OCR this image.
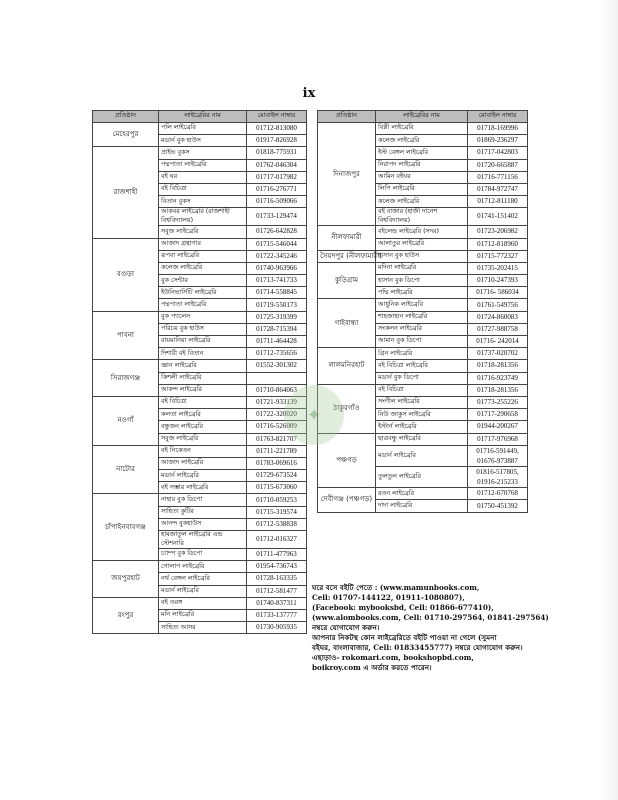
ix
প্রতিষ্ঠান	লাইব্রেরির নাম	মোবাইল নাম্বার
মেহেরপুর	পলি লাইব্রেরি	01712-813080

	মডার্ন বুক হাউস	01917-826928

রাজশাহী	প্রাইভ বুকস	01818-775931

	পদ্মপাতা লাইব্রেরি	01762-046304

	বই ঘর	01717-017982

	বই বিচিত্রা	01716-276771

	বিতান বুকস	01716-509066

	আকবর লাইব্রেরি (রাজশাহী বিশ্ববিদ্যালয়)	01733-129474

	সবুজ লাইব্রেরি	01726-642828

বগুড়া	আজাদ গ্রন্থাগার	01715-546044

	রূপবা লাইব্রেরি	01722-345246

	কলেজ লাইব্রেরি	01740-963966

	বুক সেন্টার	01713-741733

	ইউনিভার্সিটি লাইব্রেরি	01714-558845

	পদ্মপাতা লাইব্রেরি	01719-550173

পাবনা	বুক প্যালেস	01725-319399

	পরিচয় বুক হাউস	01728-715394

	রায়মানিয়া লাইব্রেরি	01711-464428

	দিশারী বই বিতান	01712-735656

সিরাজগঞ্জ	জ্ঞান লাইব্রেরি	01552-301302

	কিশলী লাইব্রেরি	

	আকন্দ লাইব্রেরি	01710-864063

নওগাঁ	বই বিচিত্রা	01721-933139

	কলতা লাইব্রেরি	01722-320020

	বন্ধুজন লাইব্রেরি	01716-526009

	সবুজ লাইব্রেরি	01763-821707

নাটোর	বই নিকেতন	01711-221789

	আজাদ লাইব্রেরি	01783-069616

	মডার্ন লাইব্রেরি	01729-673524

	বই সম্ভার লাইব্রেরি	01715-673060

চাঁপাইনবাবগঞ্জ	নাহার বুক ডিপো	01710-059253

	সাহিত্য কুটির	01715-319574

	আনন্দ বুকহাউস	01712-538838

	হামজাতুল লাইব্রেরি এন্ড স্টেশনারি	01712-016327

	চ্যাম্প বুক ডিপো	01711-477963

জয়পুরহাট	গোলাপ লাইব্রেরি	01954-736743

	নর্থ বেঙ্গল লাইব্রেরি	01728-163335

	মডার্ন লাইব্রেরি	01712-581477

রংপুর	বই তরঙ্গ	01740-837311

	মনি লাইব্রেরি	01733-137777

	সাহিত্য আসর	01730-905935
প্রতিষ্ঠান	লাইব্রেরির নাম	মোবাইল নাম্বার
দিনাজপুর	বিপ্লী লাইব্রেরি	01718-169996

	কলেজ লাইব্রেরি	01869-236297

	ইস্ট বেঙ্গল লাইব্রেরি	01717-042803

	নিরাপদ লাইব্রেরি	01720-665887

	আমিন বইঘর	01716-771156

	লিপি লাইব্রেরি	01784-972747

	কলেজ লাইব্রেরি	01712-811180

	বই বাজার (হাজী দানেশ বিশ্ববিদ্যালয়)	01741-151402

নীলফামারী	বইলেন্ড লাইব্রেরি (সদর)	01723-206982

	আলাতুর লাইব্রেরি	01712-818960

সৈয়দপুর (নীলফামারী)	হাসান বুক হাউস	01715-772327

কুড়িগ্রাম	মদিনা লাইব্রেরি	01735-202415

	হাসান বুক ডিপো	01710-247393

	পদ্মি লাইব্রেরি	01716- 586034

গাইবান্ধা	আধুনিক লাইব্রেরি	01761-549756

	শাহজাহান লাইব্রেরি	01724-860083

	সংকলন লাইব্রেরি	01727-988758

	আমান বুক ডিপো	01716- 242014

লালমনিরহাট	গ্রিন লাইব্রেরি	01737-020702

	বই বিচিত্রা লাইব্রেরি	01718-281356

	মডার্ন বুক ডিপো	01716-923749

ঠাকুরগাঁও	বই বিচিত্রা	01718-281356

	সংগীল লাইব্রেরি	01773-255226

	নিউ জাকুস লাইব্রেরি	01717-290658

	ইস্টার্ন লাইব্রেরি	01944-200267

পঞ্চগড়	ছাত্রবন্ধু লাইব্রেরি	01717-976968

	মডার্ন লাইব্রেরি	01716-591449,
01676-973887

	তুলতুল লাইব্রেরি	01816-517805,
01916-215233

দেবীগঞ্জ (পঞ্চগড়)	রতন লাইব্রেরি	01712-670768

	দাদা লাইব্রেরি	01750-451392
✦
ঘরে বসে বইটি পেতে : (www.mamunbooks.com,
Cell: 01707-144122, 01911-1080807),
(Facebook: mybooksbd, Cell: 01866-677410),
(www.alombooks.com, Cell: 01710-297564, 01841-297564)
নম্বরে যোগাযোগ করুন।
আপনার নিকটস্থ কোন লাইব্রেরিতে বইটি পাওয়া না গেলে (সুমনা
বইঘর, বাংলাবাজার, Cell: 01833455777) নম্বরে যোগাযোগ করুন।
এছাড়াও- rokomari.com, bookshopbd.com,
boikroy.com এ অর্ডার করতে পারেন।
